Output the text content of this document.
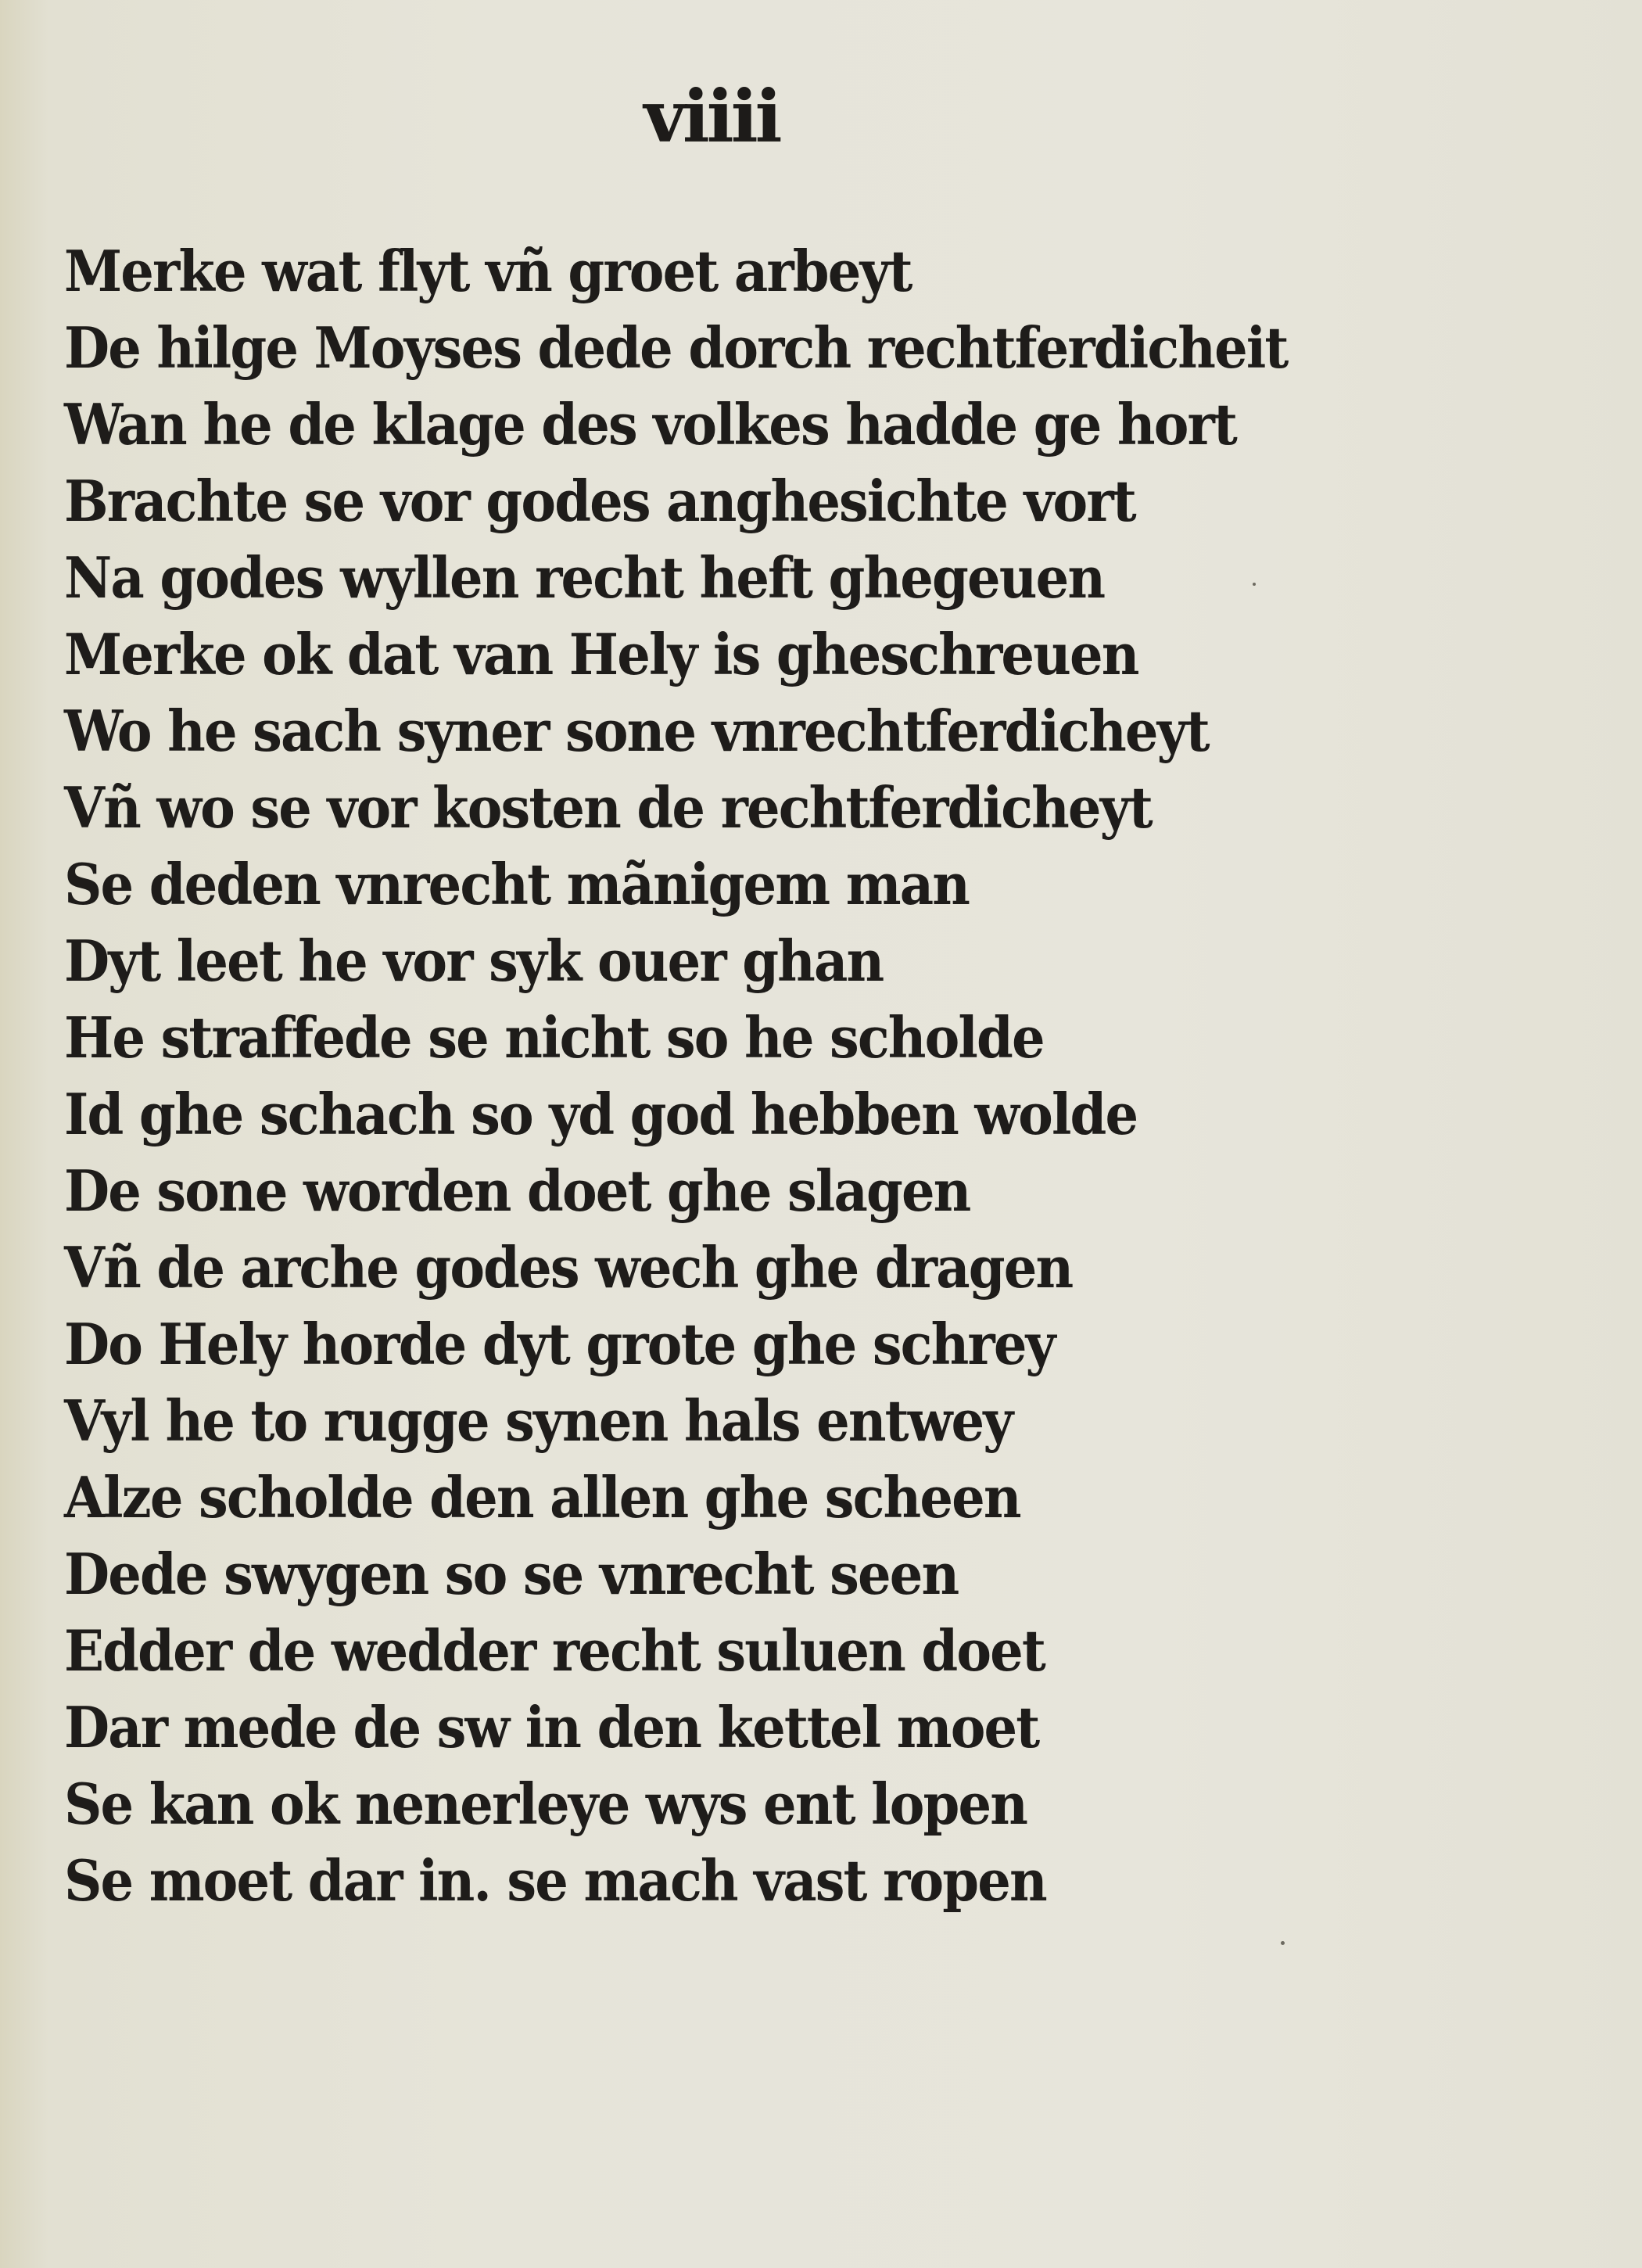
viiii
Merke wat flyt vñ groet arbeyt
De hilge Moyses dede dorch rechtferdicheit
Wan he de klage des volkes hadde ge hort
Brachte se vor godes anghesichte vort
Na godes wyllen recht heft ghegeuen
Merke ok dat van Hely is gheschreuen
Wo he sach syner sone vnrechtferdicheyt
Vñ wo se vor kosten de rechtferdicheyt
Se deden vnrecht mãnigem man
Dyt leet he vor syk ouer ghan
He straffede se nicht so he scholde
Id ghe schach so yd god hebben wolde
De sone worden doet ghe slagen
Vñ de arche godes wech ghe dragen
Do Hely horde dyt grote ghe schrey
Vyl he to rugge synen hals entwey
Alze scholde den allen ghe scheen
Dede swygen so se vnrecht seen
Edder de wedder recht suluen doet
Dar mede de sw in den kettel moet
Se kan ok nenerleye wys ent lopen
Se moet dar in. se mach vast ropen
